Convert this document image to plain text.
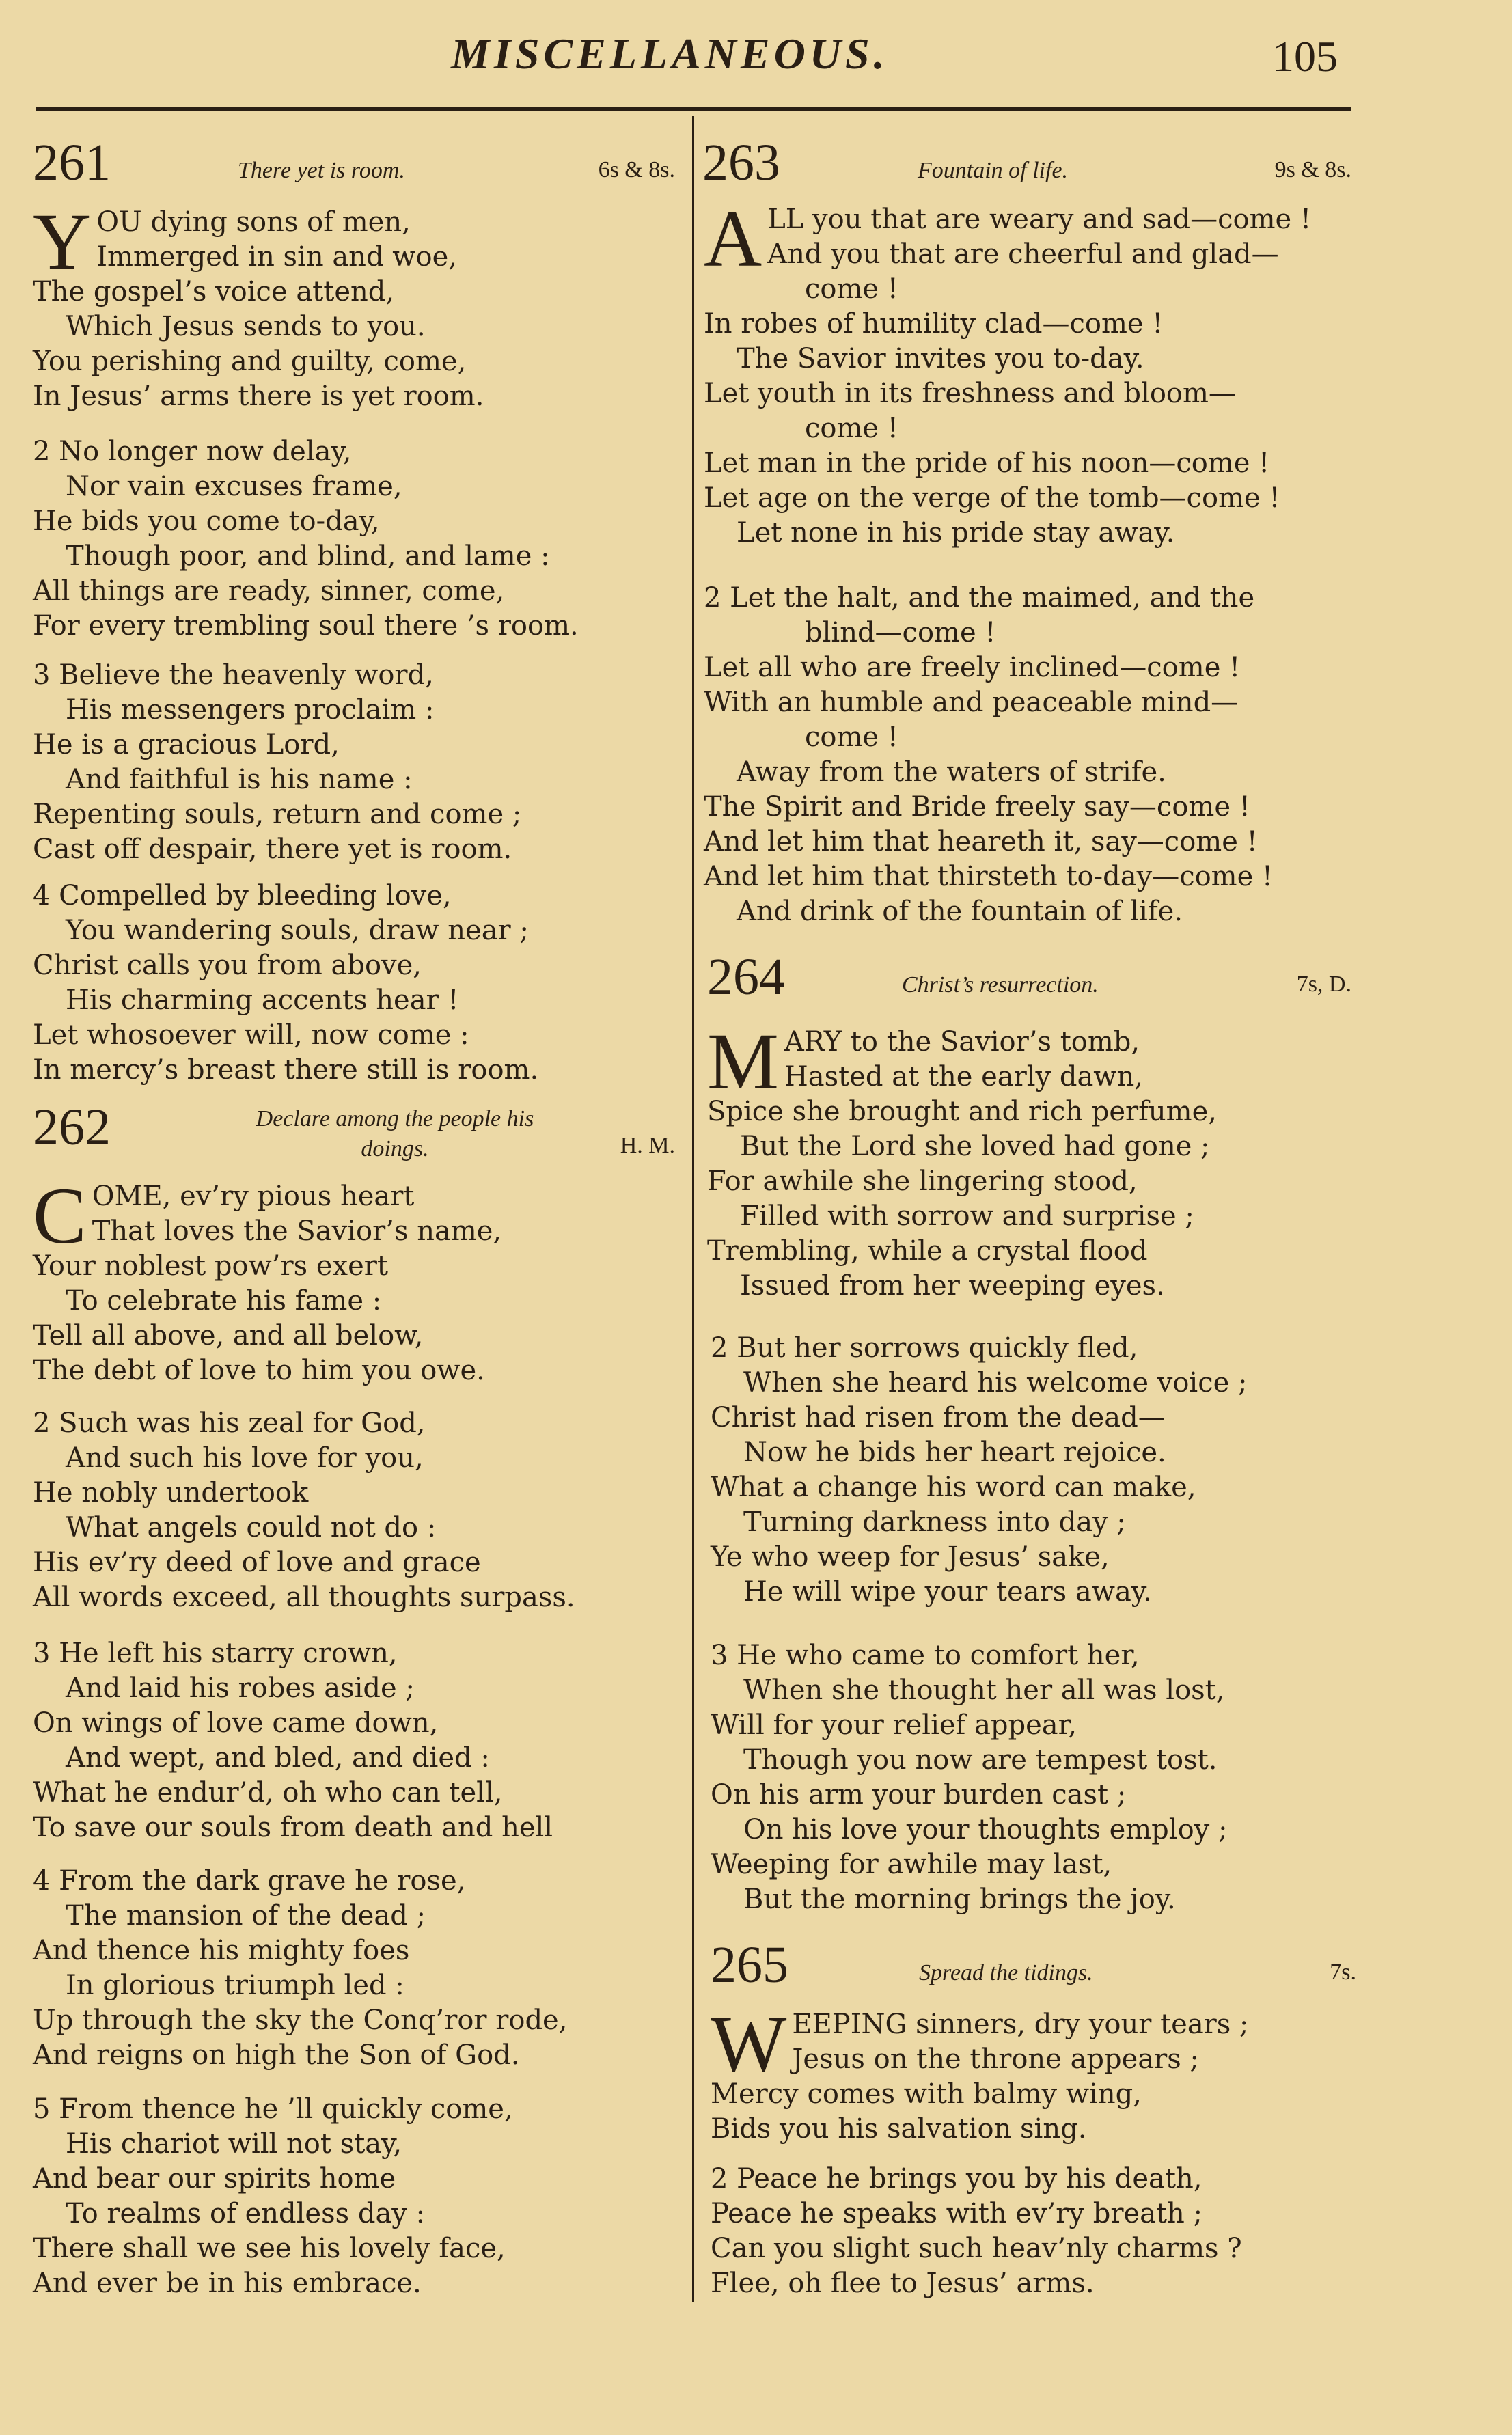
MISCELLANEOUS.	105
261	There yet is room.	6s & 8s.
Y OU dying sons of men,
Immerged in sin and woe,
The gospel’s voice attend,
Which Jesus sends to you.
You perishing and guilty, come,
In Jesus’ arms there is yet room.
2 No longer now delay,
Nor vain excuses frame,
He bids you come to-day,
Though poor, and blind, and lame :
All things are ready, sinner, come,
For every trembling soul there ’s room.
3 Believe the heavenly word,
His messengers proclaim :
He is a gracious Lord,
And faithful is his name :
Repenting souls, return and come ;
Cast off despair, there yet is room.
4 Compelled by bleeding love,
You wandering souls, draw near ;
Christ calls you from above,
His charming accents hear !
Let whosoever will, now come :
In mercy’s breast there still is room.
262	Declare among the people his
doings.	H. M.
C OME, ev’ry pious heart
That loves the Savior’s name,
Your noblest pow’rs exert
To celebrate his fame :
Tell all above, and all below,
The debt of love to him you owe.
2 Such was his zeal for God,
And such his love for you,
He nobly undertook
What angels could not do :
His ev’ry deed of love and grace
All words exceed, all thoughts surpass.
3 He left his starry crown,
And laid his robes aside ;
On wings of love came down,
And wept, and bled, and died :
What he endur’d, oh who can tell,
To save our souls from death and hell
4 From the dark grave he rose,
The mansion of the dead ;
And thence his mighty foes
In glorious triumph led :
Up through the sky the Conq’ror rode,
And reigns on high the Son of God.
5 From thence he ’ll quickly come,
His chariot will not stay,
And bear our spirits home
To realms of endless day :
There shall we see his lovely face,
And ever be in his embrace.
263	Fountain of life.	9s & 8s.
A LL you that are weary and sad—come !
And you that are cheerful and glad—
come !
In robes of humility clad—come !
The Savior invites you to-day.
Let youth in its freshness and bloom—
come !
Let man in the pride of his noon—come !
Let age on the verge of the tomb—come !
Let none in his pride stay away.
2 Let the halt, and the maimed, and the
blind—come !
Let all who are freely inclined—come !
With an humble and peaceable mind—
come !
Away from the waters of strife.
The Spirit and Bride freely say—come !
And let him that heareth it, say—come !
And let him that thirsteth to-day—come !
And drink of the fountain of life.
264	Christ’s resurrection.	7s, D.
M ARY to the Savior’s tomb,
Hasted at the early dawn,
Spice she brought and rich perfume,
But the Lord she loved had gone ;
For awhile she lingering stood,
Filled with sorrow and surprise ;
Trembling, while a crystal flood
Issued from her weeping eyes.
2 But her sorrows quickly fled,
When she heard his welcome voice ;
Christ had risen from the dead—
Now he bids her heart rejoice.
What a change his word can make,
Turning darkness into day ;
Ye who weep for Jesus’ sake,
He will wipe your tears away.
3 He who came to comfort her,
When she thought her all was lost,
Will for your relief appear,
Though you now are tempest tost.
On his arm your burden cast ;
On his love your thoughts employ ;
Weeping for awhile may last,
But the morning brings the joy.
265	Spread the tidings.	7s.
W EEPING sinners, dry your tears ;
Jesus on the throne appears ;
Mercy comes with balmy wing,
Bids you his salvation sing.
2 Peace he brings you by his death,
Peace he speaks with ev’ry breath ;
Can you slight such heav’nly charms ?
Flee, oh flee to Jesus’ arms.
